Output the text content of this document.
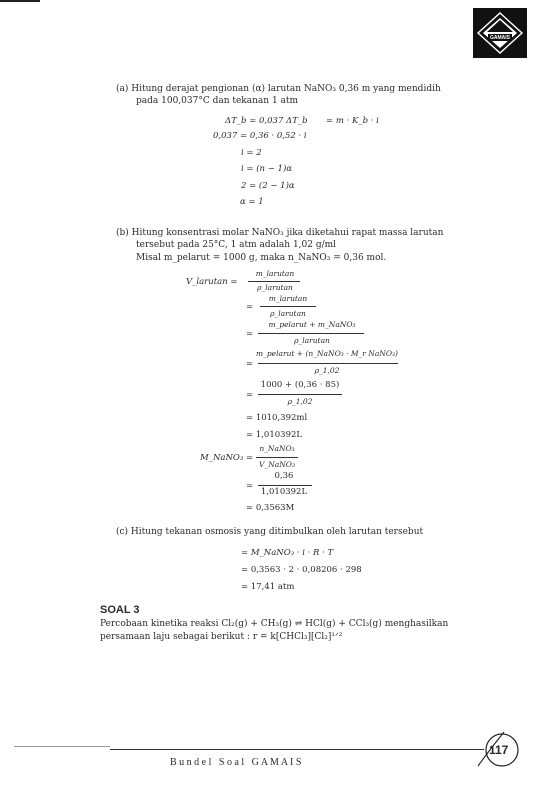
GAMAIS
ITB
(a) Hitung derajat pengionan (α) larutan NaNO₃ 0,36 m yang mendidih
pada 100,037°C dan tekanan 1 atm
ΔT_b = 0,037 ΔT_b = m · K_b · i
0,037 = 0,36 · 0,52 · i
i = 2
i = (n − 1)α
2 = (2 − 1)α
α = 1
(b) Hitung konsentrasi molar NaNO₃ jika diketahui rapat massa larutan
tersebut pada 25°C, 1 atm adalah 1,02 g/ml
Misal m_pelarut = 1000 g, maka n_NaNO₃ = 0,36 mol.
V_larutan =
m_larutan
ρ_larutan
=
m_larutan
ρ_larutan
=
m_pelarut + m_NaNO₃
ρ_larutan
=
m_pelarut + (n_NaNO₃ · M_r NaNO₃)
ρ_1,02
=
1000 + (0,36 · 85)
ρ_1,02
= 1010,392ml
= 1,010392L
M_NaNO₃ =
n_NaNO₃
V_NaNO₃
=
0,36
1,010392L
= 0,3563M
(c) Hitung tekanan osmosis yang ditimbulkan oleh larutan tersebut
= M_NaNO₃ · i · R · T
= 0,3563 · 2 · 0,08206 · 298
= 17,41 atm
SOAL 3
Percobaan kinetika reaksi Cl₂(g) + CH₃(g) ⇌ HCl(g) + CCl₃(g) menghasilkan
persamaan laju sebagai berikut : r = k[CHCl₃][Cl₂]¹ᐟ²
117
B u n d e l   S o a l   G A M A I S
